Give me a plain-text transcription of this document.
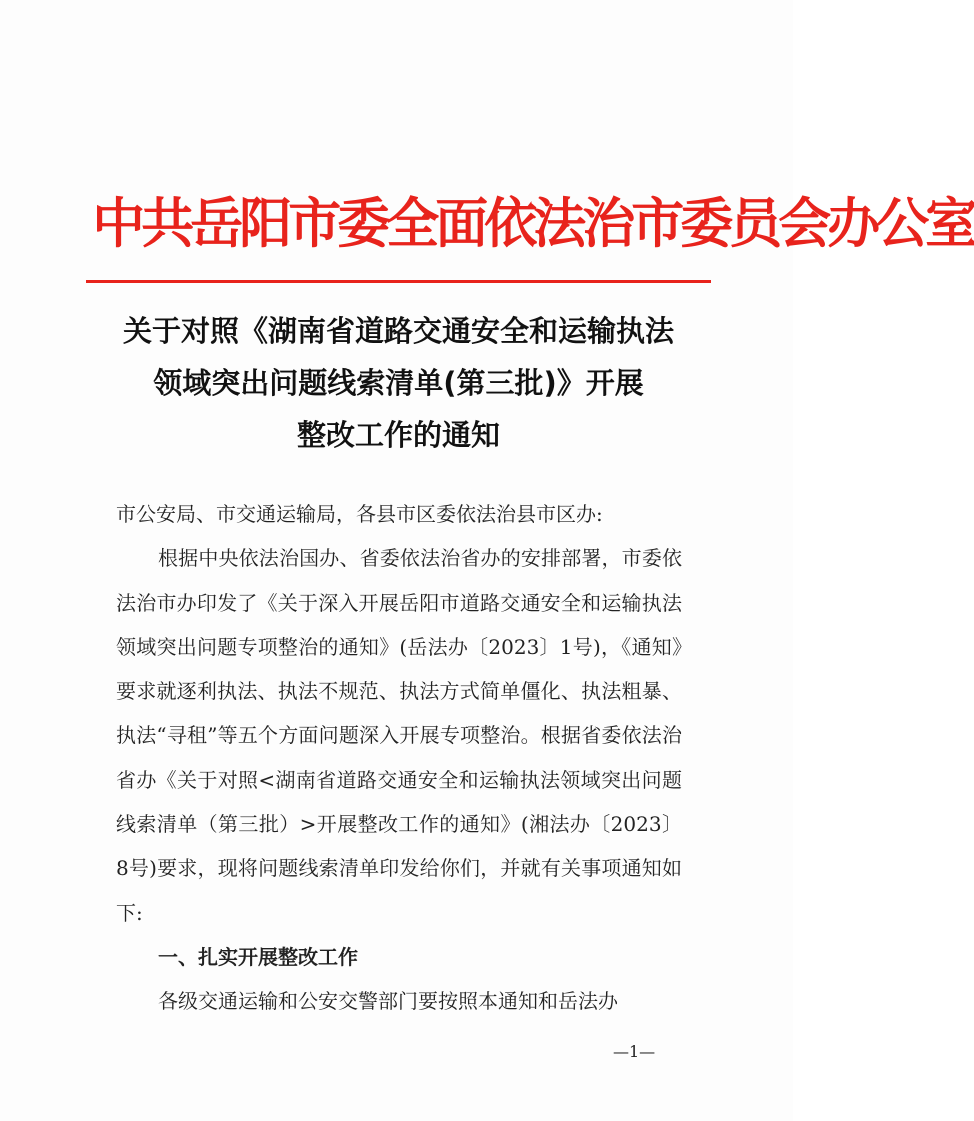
中共岳阳市委全面依法治市委员会办公室
关于对照《湖南省道路交通安全和运输执法
领域突出问题线索清单(第三批)》开展
整改工作的通知
市公安局、市交通运输局，各县市区委依法治县市区办:

根据中央依法治国办、省委依法治省办的安排部署，市委依法治市办印发了《关于深入开展岳阳市道路交通安全和运输执法领域突出问题专项整治的通知》(岳法办〔2023〕1号)，《通知》要求就逐利执法、执法不规范、执法方式简单僵化、执法粗暴、执法“寻租”等五个方面问题深入开展专项整治。根据省委依法治省办《关于对照<湖南省道路交通安全和运输执法领域突出问题线索清单（第三批）>开展整改工作的通知》(湘法办〔2023〕8号)要求，现将问题线索清单印发给你们，并就有关事项通知如下:

一、扎实开展整改工作

各级交通运输和公安交警部门要按照本通知和岳法办

—1—
